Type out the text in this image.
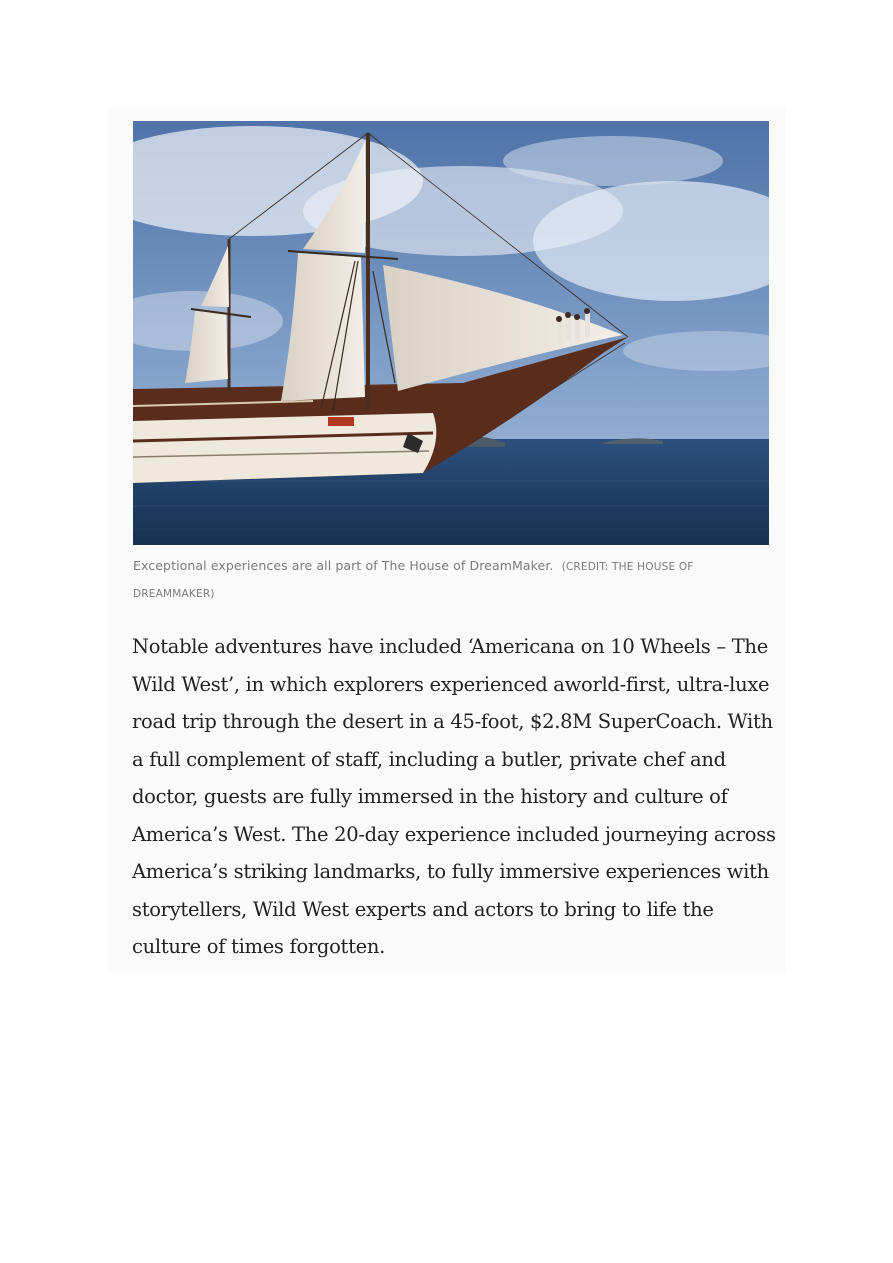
Exceptional experiences are all part of The House of DreamMaker. (CREDIT: THE HOUSE OF DREAMMAKER)

Notable adventures have included ‘Americana on 10 Wheels – The Wild West’, in which explorers experienced aworld-first, ultra-luxe road trip through the desert in a 45-foot, $2.8M SuperCoach. With a full complement of staff, including a butler, private chef and doctor, guests are fully immersed in the history and culture of America’s West. The 20-day experience included journeying across America’s striking landmarks, to fully immersive experiences with storytellers, Wild West experts and actors to bring to life the culture of times forgotten.
